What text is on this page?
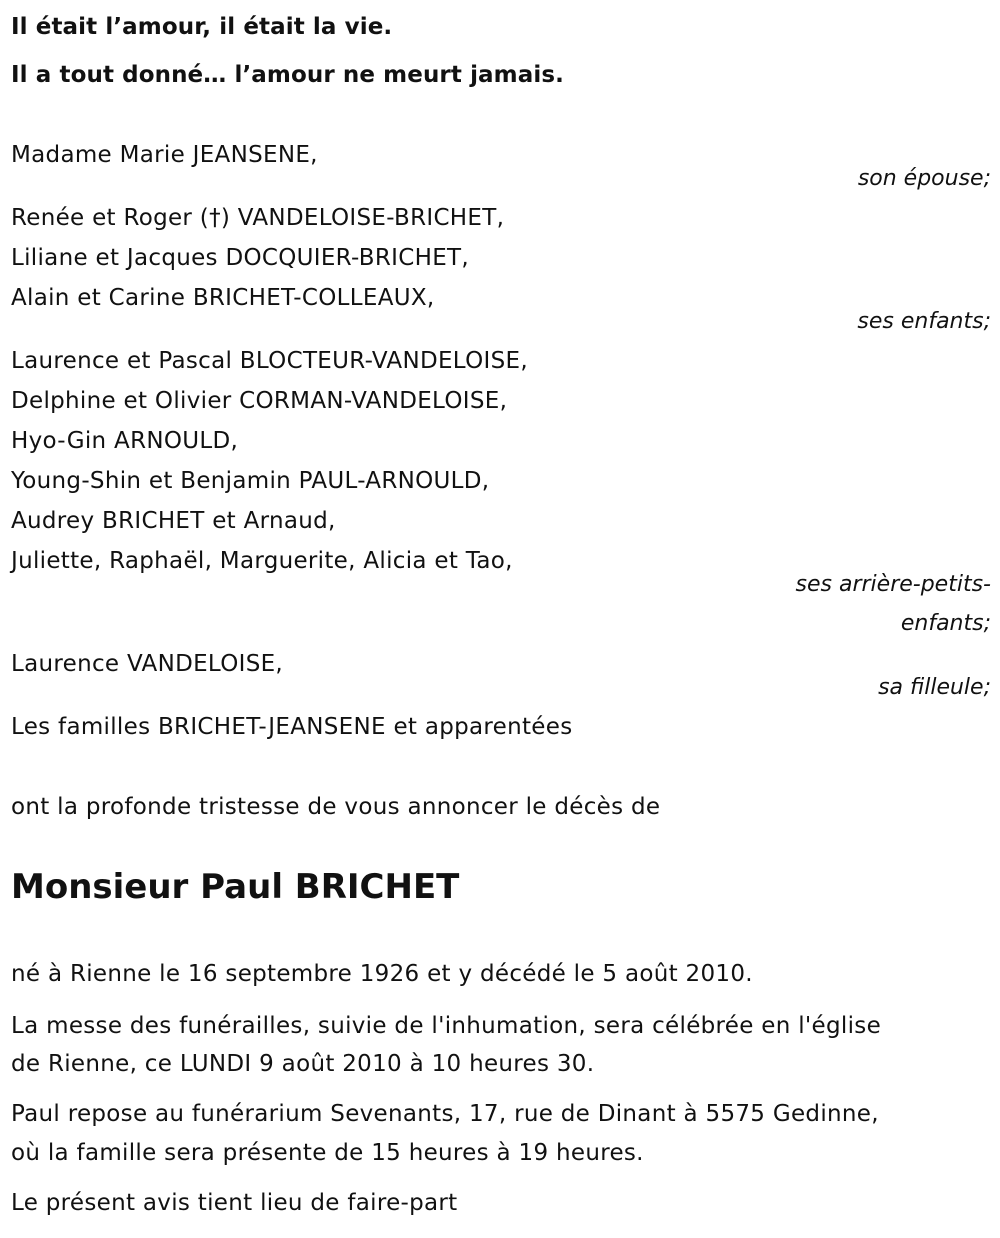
Il était l’amour, il était la vie.
Il a tout donné… l’amour ne meurt jamais.
Madame Marie JEANSENE,
son épouse;
Renée et Roger (†) VANDELOISE-BRICHET,
Liliane et Jacques DOCQUIER-BRICHET,
Alain et Carine BRICHET-COLLEAUX,
ses enfants;
Laurence et Pascal BLOCTEUR-VANDELOISE,
Delphine et Olivier CORMAN-VANDELOISE,
Hyo-Gin ARNOULD,
Young-Shin et Benjamin PAUL-ARNOULD,
Audrey BRICHET et Arnaud,
Juliette, Raphaël, Marguerite, Alicia et Tao,
ses arrière-petits-
enfants;
Laurence VANDELOISE,
sa filleule;
Les familles BRICHET-JEANSENE et apparentées
ont la profonde tristesse de vous annoncer le décès de
Monsieur Paul BRICHET
né à Rienne le 16 septembre 1926 et y décédé le 5 août 2010.
La messe des funérailles, suivie de l'inhumation, sera célébrée en l'église
de Rienne, ce LUNDI 9 août 2010 à 10 heures 30.
Paul repose au funérarium Sevenants, 17, rue de Dinant à 5575 Gedinne,
où la famille sera présente de 15 heures à 19 heures.
Le présent avis tient lieu de faire-part
